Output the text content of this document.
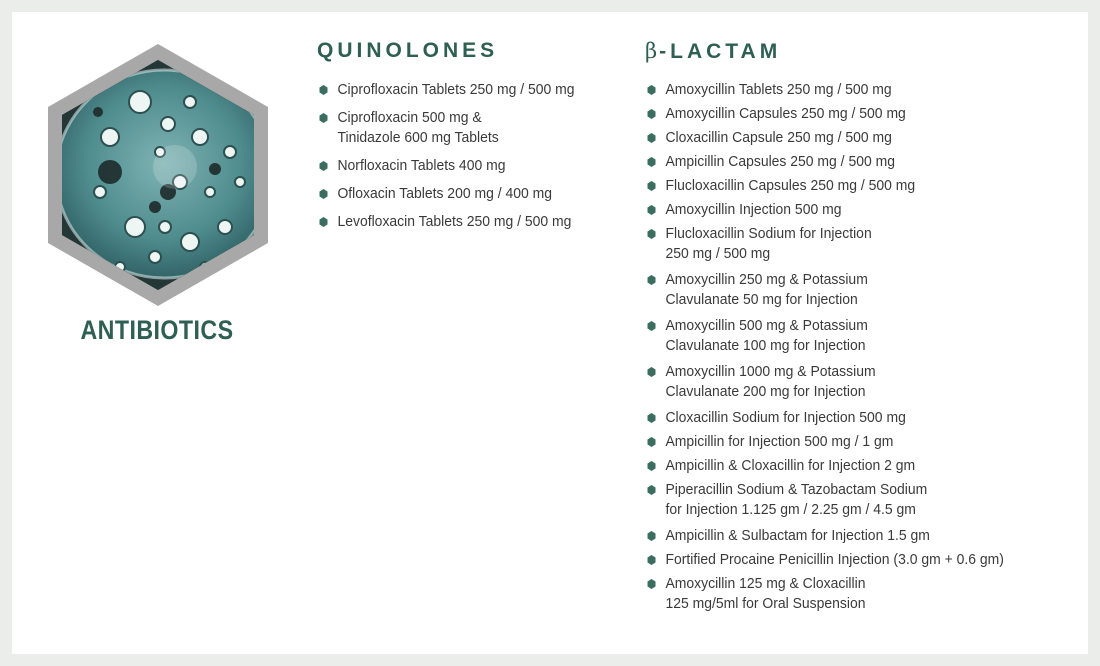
ANTIBIOTICS
QUINOLONES
Ciprofloxacin Tablets 250 mg / 500 mg
Ciprofloxacin 500 mg &
Tinidazole 600 mg Tablets
Norfloxacin Tablets 400 mg
Ofloxacin Tablets 200 mg / 400 mg
Levofloxacin Tablets 250 mg / 500 mg
β-LACTAM
Amoxycillin Tablets 250 mg / 500 mg
Amoxycillin Capsules 250 mg / 500 mg
Cloxacillin Capsule 250 mg / 500 mg
Ampicillin Capsules 250 mg / 500 mg
Flucloxacillin Capsules 250 mg / 500 mg
Amoxycillin Injection 500 mg
Flucloxacillin Sodium for Injection
250 mg / 500 mg
Amoxycillin 250 mg & Potassium
Clavulanate 50 mg for Injection
Amoxycillin 500 mg & Potassium
Clavulanate 100 mg for Injection
Amoxycillin 1000 mg & Potassium
Clavulanate 200 mg for Injection
Cloxacillin Sodium for Injection 500 mg
Ampicillin for Injection 500 mg / 1 gm
Ampicillin & Cloxacillin for Injection 2 gm
Piperacillin Sodium & Tazobactam Sodium
for Injection 1.125 gm / 2.25 gm / 4.5 gm
Ampicillin & Sulbactam for Injection 1.5 gm
Fortified Procaine Penicillin Injection (3.0 gm + 0.6 gm)
Amoxycillin 125 mg & Cloxacillin
125 mg/5ml for Oral Suspension
